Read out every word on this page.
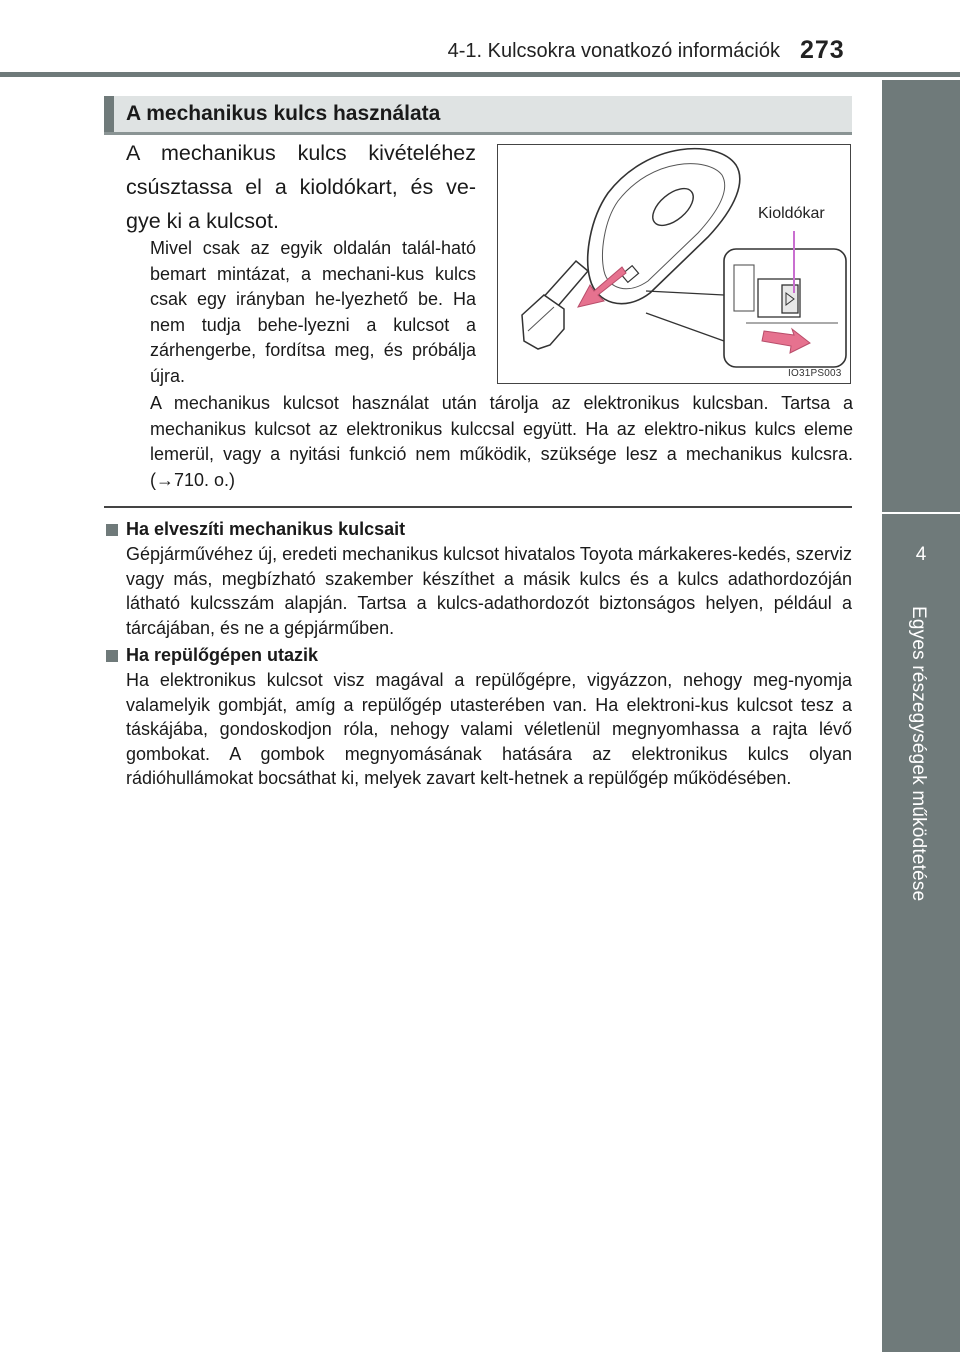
4-1. Kulcsokra vonatkozó információk 273
4
Egyes részegységek működtetése
A mechanikus kulcs használata
A mechanikus kulcs kivételéhez
csúsztassa el a kioldókart, és ve-
gye ki a kulcsot.
Mivel csak az egyik oldalán talál-ható bemart mintázat, a mechani-kus kulcs csak egy irányban he-lyezhető be. Ha nem tudja behe-lyezni a kulcsot a zárhengerbe, fordítsa meg, és próbálja újra.
Kioldókar
IO31PS003
A mechanikus kulcsot használat után tárolja az elektronikus kulcsban. Tartsa a mechanikus kulcsot az elektronikus kulccsal együtt. Ha az elektro-nikus kulcs eleme lemerül, vagy a nyitási funkció nem működik, szüksége lesz a mechanikus kulcsra. (→710. o.)
Ha elveszíti mechanikus kulcsait
Gépjárművéhez új, eredeti mechanikus kulcsot hivatalos Toyota márkakeres-kedés, szerviz vagy más, megbízható szakember készíthet a másik kulcs és a kulcs adathordozóján látható kulcsszám alapján. Tartsa a kulcs-adathordozót biztonságos helyen, például a tárcájában, és ne a gépjárműben.
Ha repülőgépen utazik
Ha elektronikus kulcsot visz magával a repülőgépre, vigyázzon, nehogy meg-nyomja valamelyik gombját, amíg a repülőgép utasterében van. Ha elektroni-kus kulcsot tesz a táskájába, gondoskodjon róla, nehogy valami véletlenül megnyomhassa a rajta lévő gombokat. A gombok megnyomásának hatására az elektronikus kulcs olyan rádióhullámokat bocsáthat ki, melyek zavart kelt-hetnek a repülőgép működésében.
